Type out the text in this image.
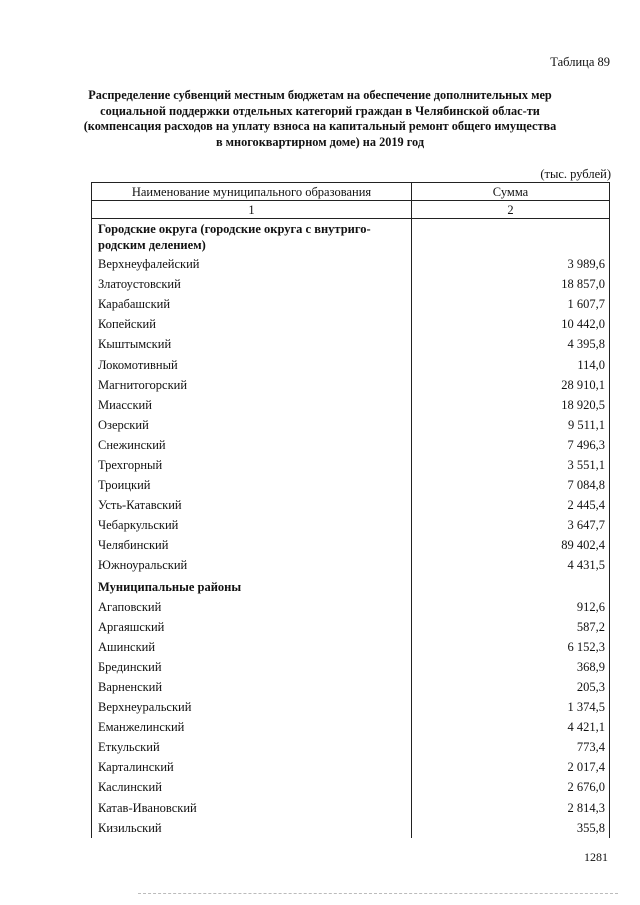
Таблица 89
Распределение субвенций местным бюджетам на обеспечение дополнительных мер социальной поддержки отдельных категорий граждан в Челябинской облас-ти (компенсация расходов на уплату взноса на капитальный ремонт общего имущества в многоквартирном доме) на 2019 год
(тыс. рублей)
Наименование муниципального образования	Сумма
1	2
Городские округа (городские округа с внутриго-родским делением)	
Верхнеуфалейский	3 989,6
Златоустовский	18 857,0
Карабашский	1 607,7
Копейский	10 442,0
Кыштымский	4 395,8
Локомотивный	114,0
Магнитогорский	28 910,1
Миасский	18 920,5
Озерский	9 511,1
Снежинский	7 496,3
Трехгорный	3 551,1
Троицкий	7 084,8
Усть-Катавский	2 445,4
Чебаркульский	3 647,7
Челябинский	89 402,4
Южноуральский	4 431,5
Муниципальные районы	
Агаповский	912,6
Аргаяшский	587,2
Ашинский	6 152,3
Брединский	368,9
Варненский	205,3
Верхнеуральский	1 374,5
Еманжелинский	4 421,1
Еткульский	773,4
Карталинский	2 017,4
Каслинский	2 676,0
Катав-Ивановский	2 814,3
Кизильский	355,8
1281
